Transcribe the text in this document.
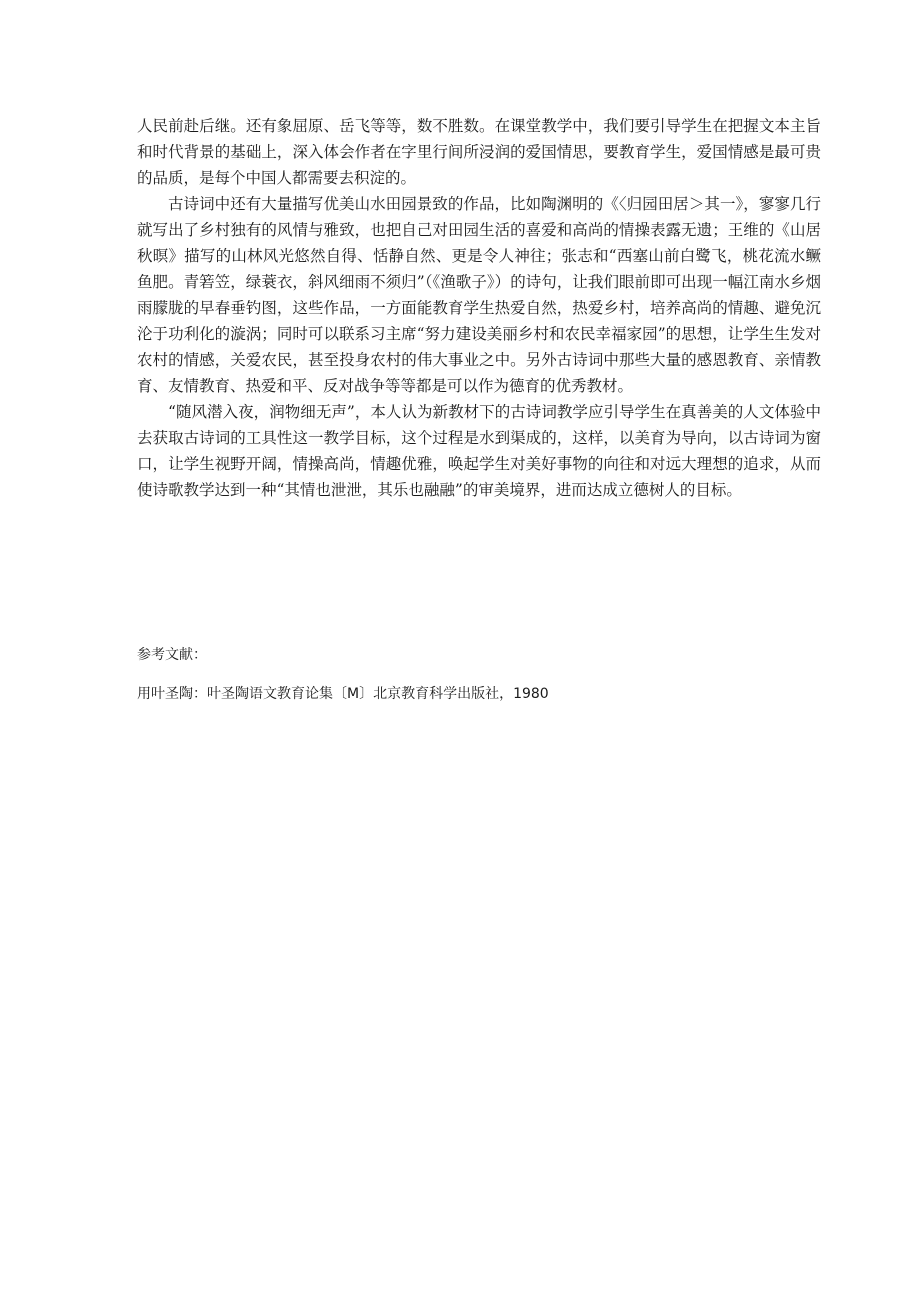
人民前赴后继。还有象屈原、岳飞等等，数不胜数。在课堂教学中，我们要引导学生在把握文本主旨和时代背景的基础上，深入体会作者在字里行间所浸润的爱国情思，要教育学生，爱国情感是最可贵的品质，是每个中国人都需要去积淀的。

古诗词中还有大量描写优美山水田园景致的作品，比如陶渊明的《〈归园田居＞其一》，寥寥几行就写出了乡村独有的风情与雅致，也把自己对田园生活的喜爱和高尚的情操表露无遗；王维的《山居秋暝》描写的山林风光悠然自得、恬静自然、更是令人神往；张志和“西塞山前白鹭飞，桃花流水鳜鱼肥。青箬笠，绿蓑衣，斜风细雨不须归”（《渔歌子》）的诗句，让我们眼前即可出现一幅江南水乡烟雨朦胧的早春垂钓图，这些作品，一方面能教育学生热爱自然，热爱乡村，培养高尚的情趣、避免沉沦于功利化的漩涡；同时可以联系习主席“努力建设美丽乡村和农民幸福家园”的思想，让学生生发对农村的情感，关爱农民，甚至投身农村的伟大事业之中。另外古诗词中那些大量的感恩教育、亲情教育、友情教育、热爱和平、反对战争等等都是可以作为德育的优秀教材。

“随风潜入夜，润物细无声”，本人认为新教材下的古诗词教学应引导学生在真善美的人文体验中去获取古诗词的工具性这一教学目标，这个过程是水到渠成的，这样，以美育为导向，以古诗词为窗口，让学生视野开阔，情操高尚，情趣优雅，唤起学生对美好事物的向往和对远大理想的追求，从而使诗歌教学达到一种“其情也泄泄，其乐也融融”的审美境界，进而达成立德树人的目标。

参考文献：

用叶圣陶：叶圣陶语文教育论集〔M〕北京教育科学出版社，1980
